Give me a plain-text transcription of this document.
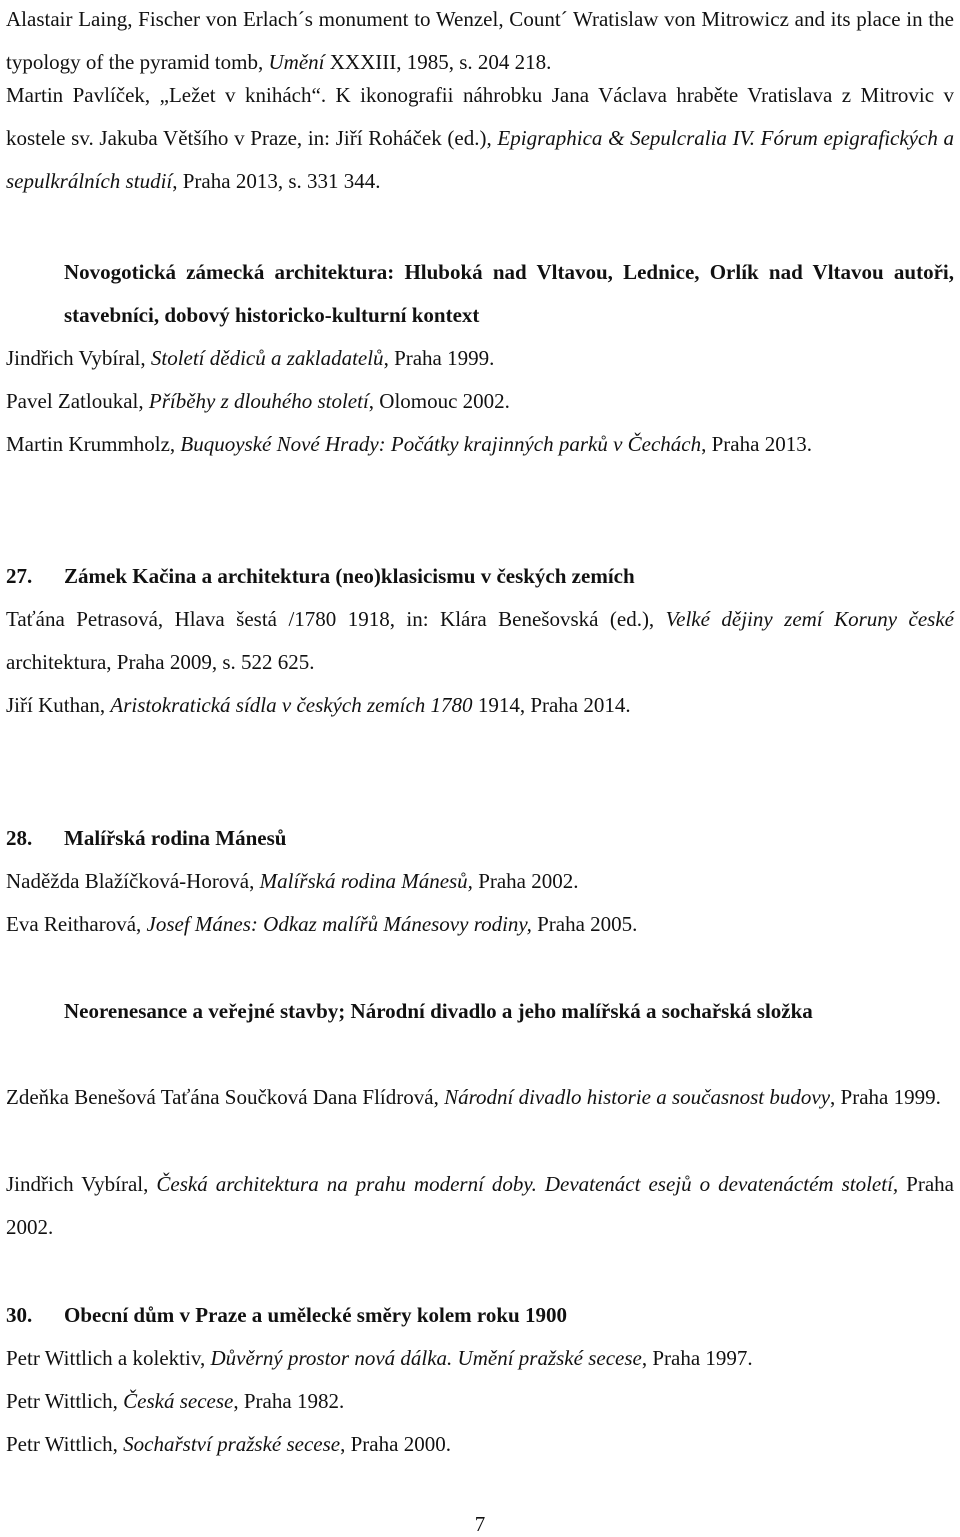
Alastair Laing, Fischer von Erlach´s monument to Wenzel, Count´ Wratislaw von Mitrowicz and its place in the typology of the pyramid tomb, Umění XXXIII, 1985, s. 204 218.

Martin Pavlíček, „Ležet v knihách“. K ikonografii náhrobku Jana Václava hraběte Vratislava z Mitrovic v kostele sv. Jakuba Většího v Praze, in: Jiří Roháček (ed.), Epigraphica & Sepulcralia IV. Fórum epigrafických a sepulkrálních studií, Praha 2013, s. 331 344.

Novogotická zámecká architektura: Hluboká nad Vltavou, Lednice, Orlík nad Vltavou autoři, stavebníci, dobový historicko-kulturní kontext

Jindřich Vybíral, Století dědiců a zakladatelů, Praha 1999.

Pavel Zatloukal, Příběhy z dlouhého století, Olomouc 2002.

Martin Krummholz, Buquoyské Nové Hrady: Počátky krajinných parků v Čechách, Praha 2013.

27. Zámek Kačina a architektura (neo)klasicismu v českých zemích

Taťána Petrasová, Hlava šestá /1780 1918, in: Klára Benešovská (ed.), Velké dějiny zemí Koruny české architektura, Praha 2009, s. 522 625.

Jiří Kuthan, Aristokratická sídla v českých zemích 1780 1914, Praha 2014.

28. Malířská rodina Mánesů

Naděžda Blažíčková-Horová, Malířská rodina Mánesů, Praha 2002.

Eva Reitharová, Josef Mánes: Odkaz malířů Mánesovy rodiny, Praha 2005.

Neorenesance a veřejné stavby; Národní divadlo a jeho malířská a sochařská složka

Zdeňka Benešová Taťána Součková Dana Flídrová, Národní divadlo historie a současnost budovy, Praha 1999.

Jindřich Vybíral, Česká architektura na prahu moderní doby. Devatenáct esejů o devatenáctém století, Praha 2002.

30. Obecní dům v Praze a umělecké směry kolem roku 1900

Petr Wittlich a kolektiv, Důvěrný prostor nová dálka. Umění pražské secese, Praha 1997.

Petr Wittlich, Česká secese, Praha 1982.

Petr Wittlich, Sochařství pražské secese, Praha 2000.

7
